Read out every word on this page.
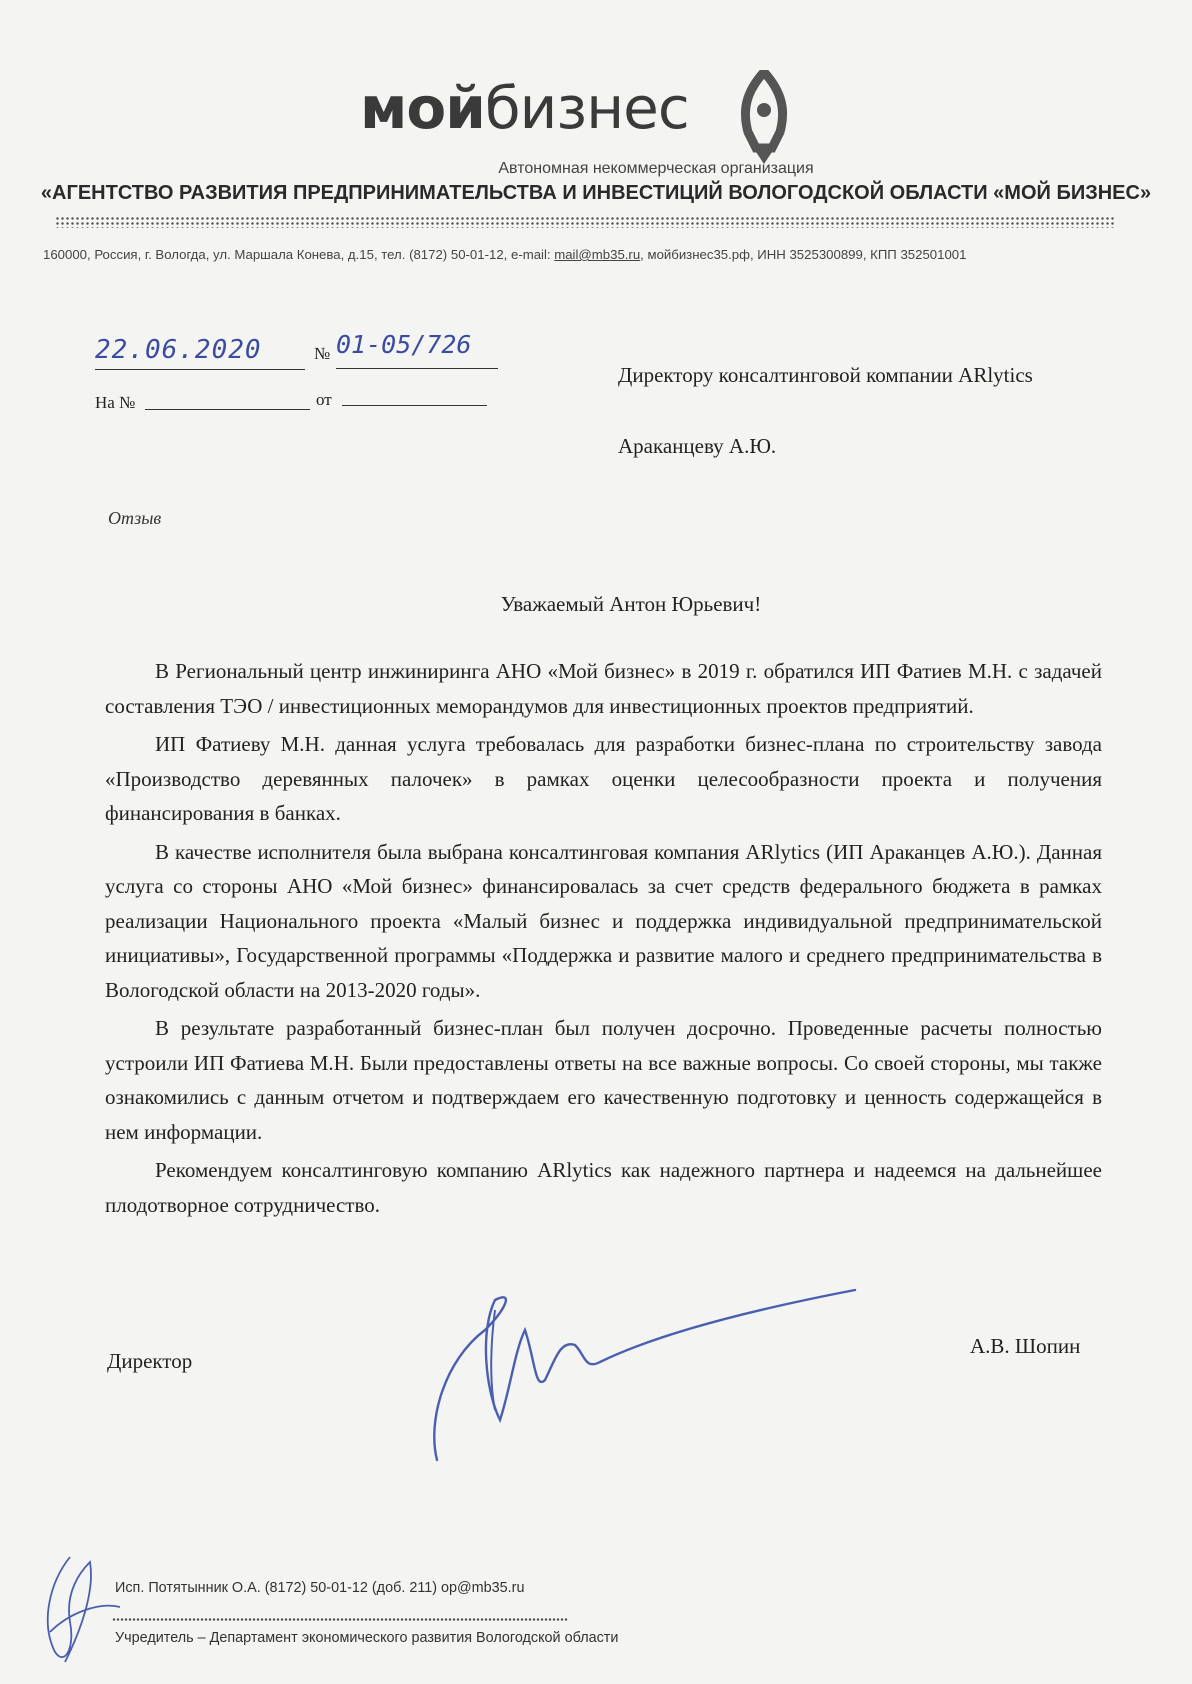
мойбизнес
Автономная некоммерческая организация
«АГЕНТСТВО РАЗВИТИЯ ПРЕДПРИНИМАТЕЛЬСТВА И ИНВЕСТИЦИЙ ВОЛОГОДСКОЙ ОБЛАСТИ «МОЙ БИЗНЕС»
160000, Россия, г. Вологда, ул. Маршала Конева, д.15, тел. (8172) 50-01-12, e-mail: mail@mb35.ru, мойбизнес35.рф, ИНН 3525300899, КПП 352501001
22.06.2020	№ 01-05/726
На №	от
Директору консалтинговой компании ARlytics
Араканцеву А.Ю.
Отзыв
Уважаемый Антон Юрьевич!

В Региональный центр инжиниринга АНО «Мой бизнес» в 2019 г. обратился ИП Фатиев М.Н. с задачей составления ТЭО / инвестиционных меморандумов для инвестиционных проектов предприятий.

ИП Фатиеву М.Н. данная услуга требовалась для разработки бизнес-плана по строительству завода «Производство деревянных палочек» в рамках оценки целесообразности проекта и получения финансирования в банках.

В качестве исполнителя была выбрана консалтинговая компания ARlytics (ИП Араканцев А.Ю.). Данная услуга со стороны АНО «Мой бизнес» финансировалась за счет средств федерального бюджета в рамках реализации Национального проекта «Малый бизнес и поддержка индивидуальной предпринимательской инициативы», Государственной программы «Поддержка и развитие малого и среднего предпринимательства в Вологодской области на 2013-2020 годы».

В результате разработанный бизнес-план был получен досрочно. Проведенные расчеты полностью устроили ИП Фатиева М.Н. Были предоставлены ответы на все важные вопросы. Со своей стороны, мы также ознакомились с данным отчетом и подтверждаем его качественную подготовку и ценность содержащейся в нем информации.

Рекомендуем консалтинговую компанию ARlytics как надежного партнера и надеемся на дальнейшее плодотворное сотрудничество.

Директор
А.В. Шопин
Исп. Потятынник О.А. (8172) 50-01-12 (доб. 211) op@mb35.ru
Учредитель – Департамент экономического развития Вологодской области
